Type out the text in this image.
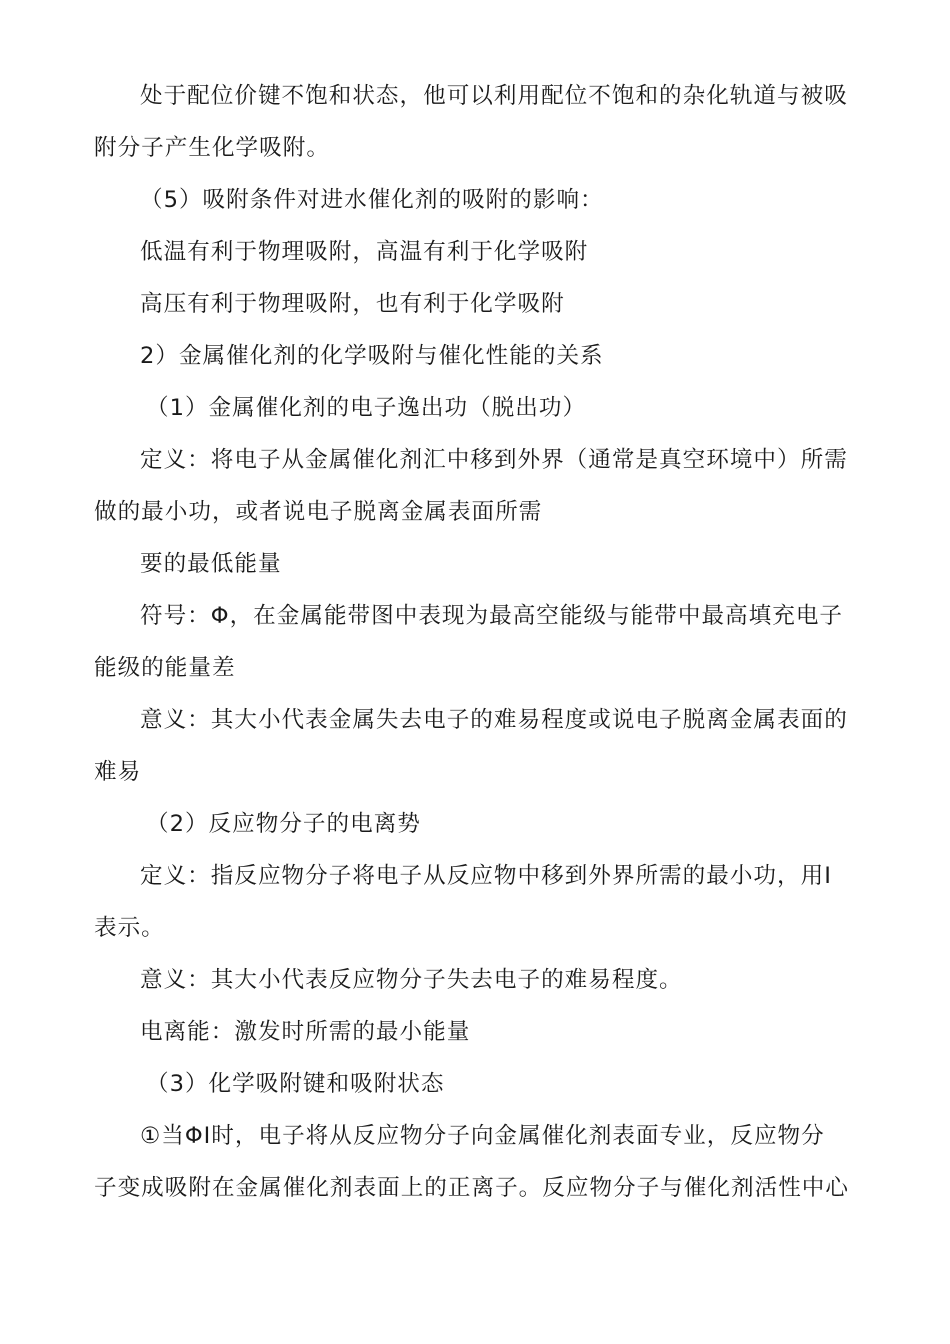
处于配位价键不饱和状态，他可以利用配位不饱和的杂化轨道与被吸
附分子产生化学吸附。
（5）吸附条件对进水催化剂的吸附的影响：
低温有利于物理吸附，高温有利于化学吸附
高压有利于物理吸附，也有利于化学吸附
2）金属催化剂的化学吸附与催化性能的关系
（1）金属催化剂的电子逸出功（脱出功）
定义：将电子从金属催化剂汇中移到外界（通常是真空环境中）所需
做的最小功，或者说电子脱离金属表面所需
要的最低能量
符号：Φ，在金属能带图中表现为最高空能级与能带中最高填充电子
能级的能量差
意义：其大小代表金属失去电子的难易程度或说电子脱离金属表面的
难易
（2）反应物分子的电离势
定义：指反应物分子将电子从反应物中移到外界所需的最小功，用I
表示。
意义：其大小代表反应物分子失去电子的难易程度。
电离能：激发时所需的最小能量
（3）化学吸附键和吸附状态
①当ΦI时，电子将从反应物分子向金属催化剂表面专业，反应物分
子变成吸附在金属催化剂表面上的正离子。反应物分子与催化剂活性中心
